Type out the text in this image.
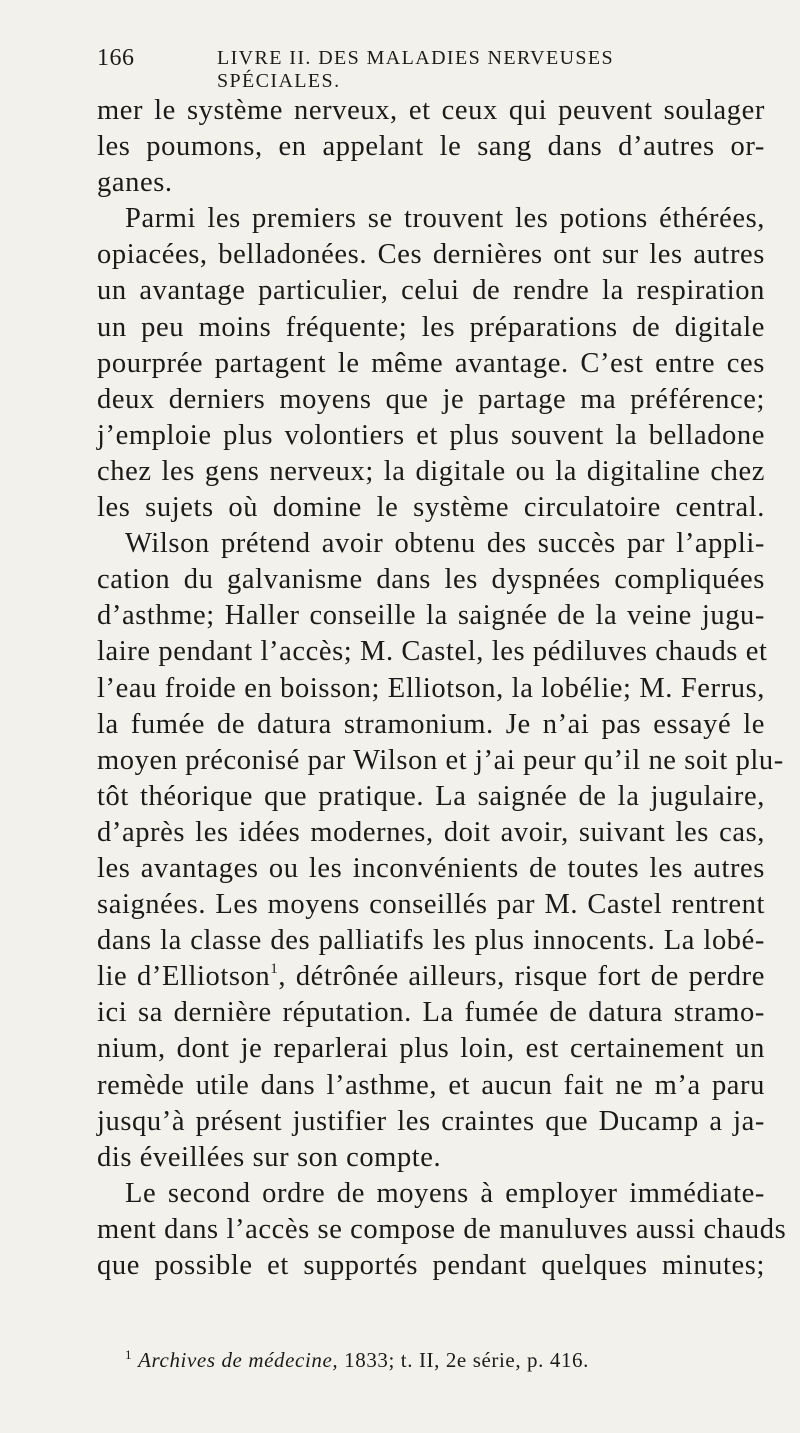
166	LIVRE II. DES MALADIES NERVEUSES SPÉCIALES.
mer le système nerveux, et ceux qui peuvent soulager
les poumons, en appelant le sang dans d’autres or-
ganes.
Parmi les premiers se trouvent les potions éthérées,
opiacées, belladonées. Ces dernières ont sur les autres
un avantage particulier, celui de rendre la respiration
un peu moins fréquente; les préparations de digitale
pourprée partagent le même avantage. C’est entre ces
deux derniers moyens que je partage ma préférence;
j’emploie plus volontiers et plus souvent la belladone
chez les gens nerveux; la digitale ou la digitaline chez
les sujets où domine le système circulatoire central.
Wilson prétend avoir obtenu des succès par l’appli-
cation du galvanisme dans les dyspnées compliquées
d’asthme; Haller conseille la saignée de la veine jugu-
laire pendant l’accès; M. Castel, les pédiluves chauds et
l’eau froide en boisson; Elliotson, la lobélie; M. Ferrus,
la fumée de datura stramonium. Je n’ai pas essayé le
moyen préconisé par Wilson et j’ai peur qu’il ne soit plu-
tôt théorique que pratique. La saignée de la jugulaire,
d’après les idées modernes, doit avoir, suivant les cas,
les avantages ou les inconvénients de toutes les autres
saignées. Les moyens conseillés par M. Castel rentrent
dans la classe des palliatifs les plus innocents. La lobé-
lie d’Elliotson$^1$, détrônée ailleurs, risque fort de perdre
ici sa dernière réputation. La fumée de datura stramo-
nium, dont je reparlerai plus loin, est certainement un
remède utile dans l’asthme, et aucun fait ne m’a paru
jusqu’à présent justifier les craintes que Ducamp a ja-
dis éveillées sur son compte.
Le second ordre de moyens à employer immédiate-
ment dans l’accès se compose de manuluves aussi chauds
que possible et supportés pendant quelques minutes;
$^1$ Archives de médecine, 1833; t. II, 2e série, p. 416.
